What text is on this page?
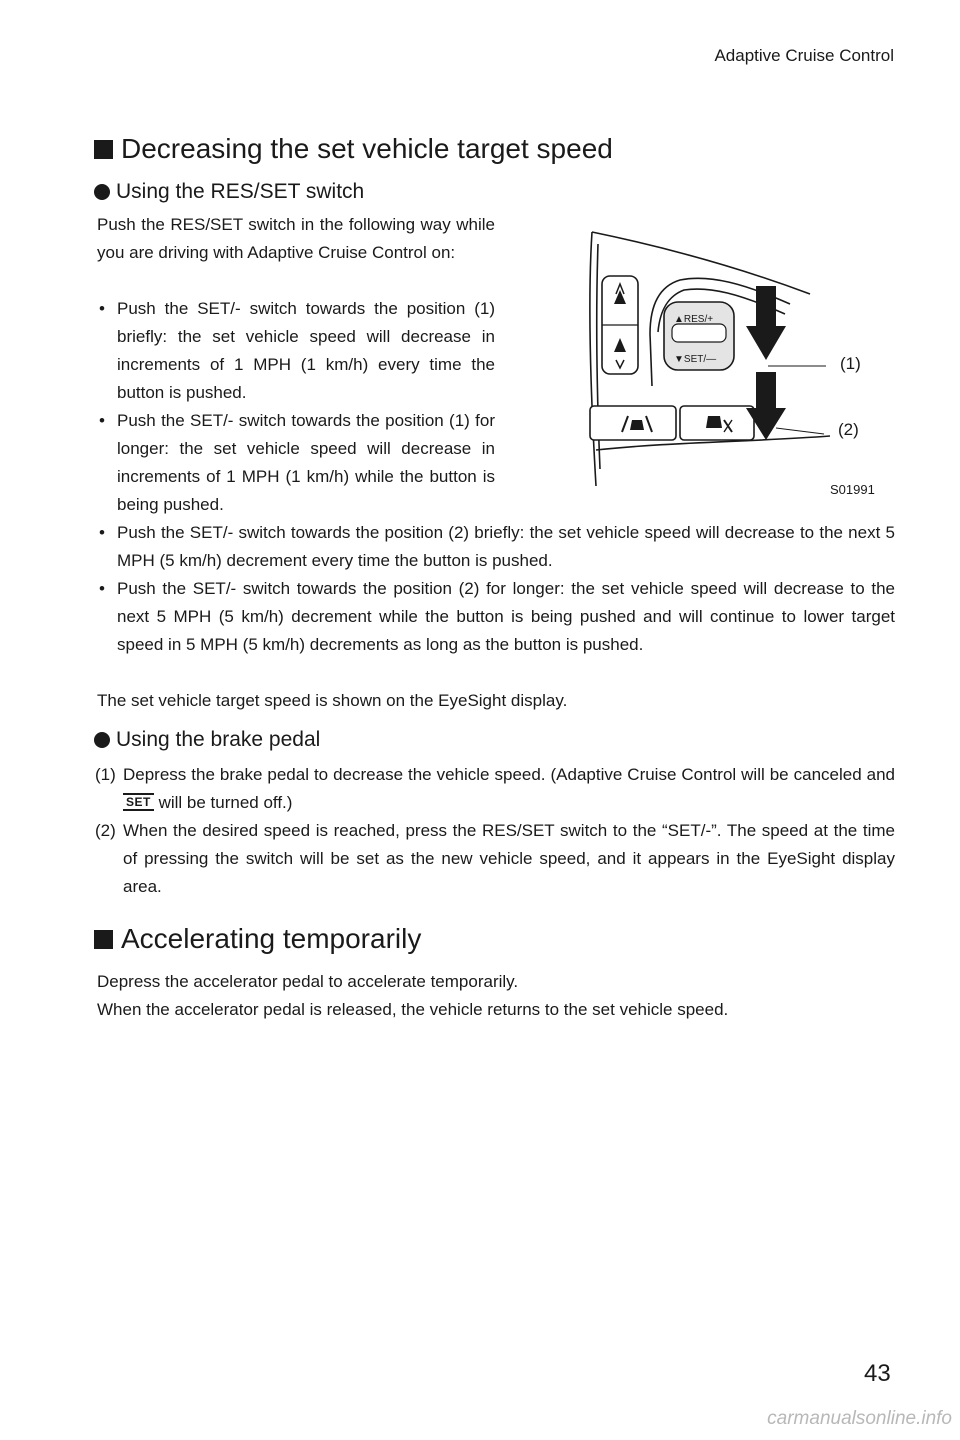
Adaptive Cruise Control
Decreasing the set vehicle target speed
Using the RES/SET switch
Push the RES/SET switch in the following way while you are driving with Adaptive Cruise Control on:
• Push the SET/- switch towards the position (1) briefly: the set vehicle speed will decrease in increments of 1 MPH (1 km/h) every time the button is pushed.
• Push the SET/- switch towards the position (1) for longer: the set vehicle speed will decrease in increments of 1 MPH (1 km/h) while the button is being pushed.
• Push the SET/- switch towards the position (2) briefly: the set vehicle speed will decrease to the next 5 MPH (5 km/h) decrement every time the button is pushed.
• Push the SET/- switch towards the position (2) for longer: the set vehicle speed will decrease to the next 5 MPH (5 km/h) decrement while the button is being pushed and will continue to lower target speed in 5 MPH (5 km/h) decrements as long as the button is pushed.
The set vehicle target speed is shown on the EyeSight display.
Using the brake pedal
(1) Depress the brake pedal to decrease the vehicle speed. (Adaptive Cruise Control will be canceled and SET will be turned off.)
(2) When the desired speed is reached, press the RES/SET switch to the “SET/-”. The speed at the time of pressing the switch will be set as the new vehicle speed, and it appears in the EyeSight display area.
Accelerating temporarily
Depress the accelerator pedal to accelerate temporarily.
When the accelerator pedal is released, the vehicle returns to the set vehicle speed.
▲RES/+
▼SET/—	(1)
(2)
S01991
43
carmanualsonline.info
